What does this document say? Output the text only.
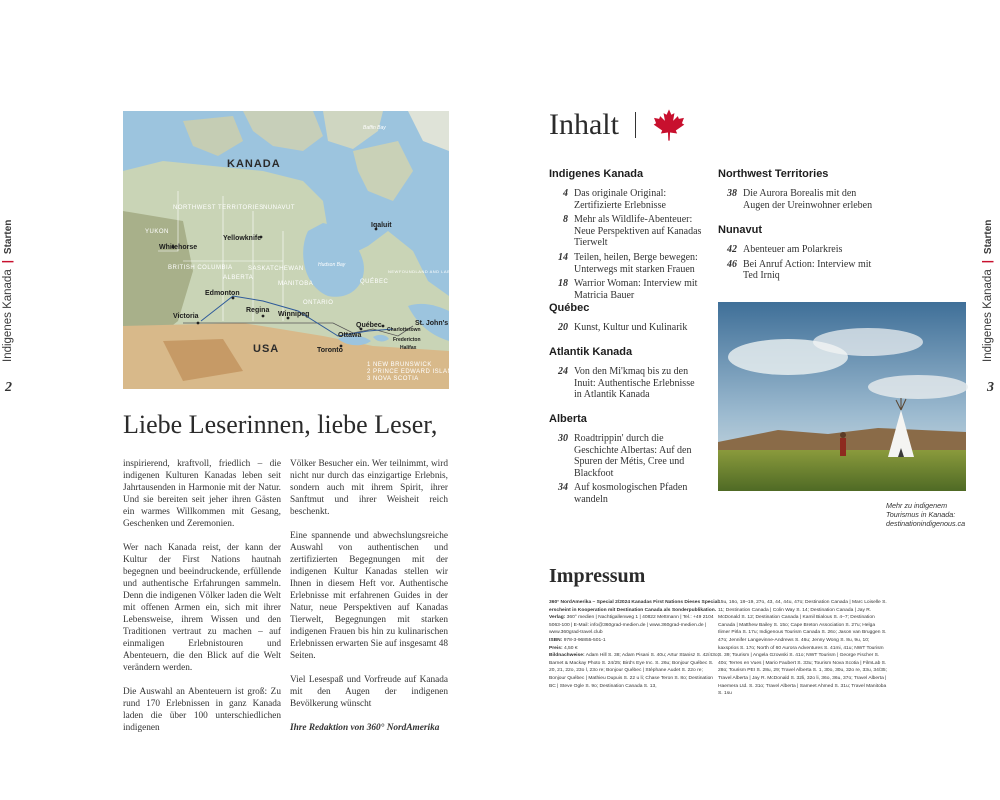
Indigenes Kanada
|
Starten
2
Indigenes Kanada
|
Starten
3
KANADA
USA
Baffin Bay
Hudson Bay
NORTHWEST TERRITORIES NUNAVUT
YUKON
BRITISH COLUMBIA
ALBERTA
SASKATCHEWAN
MANITOBA
ONTARIO
QUÉBEC
NEWFOUNDLAND AND LABRADOR
Iqaluit
Yellowknife
Whitehorse
Edmonton
Regina
Winnipeg
Victoria
Ottawa
Québec
Toronto
Charlottetown
St. John's
Fredericton
Halifax
1 NEW BRUNSWICK
2 PRINCE EDWARD ISLAND
3 NOVA SCOTIA
Liebe Leserinnen, liebe Leser,

inspirierend, kraftvoll, friedlich – die indigenen Kulturen Kanadas leben seit Jahrtausenden in Harmonie mit der Natur. Und sie bereiten seit jeher ihren Gästen ein warmes Willkommen mit Gesang, Geschenken und Zeremonien.

Wer nach Kanada reist, der kann der Kultur der First Nations hautnah begegnen und beeindruckende, erfüllende und authentische Erfahrungen sammeln. Denn die indigenen Völker laden die Welt mit offenen Armen ein, sich mit ihrer Lebensweise, ihrem Wissen und den Traditionen vertraut zu machen – auf einmaligen Erlebnistouren und Abenteuern, die den Blick auf die Welt verändern werden.

Die Auswahl an Abenteuern ist groß: Zu rund 170 Erlebnissen in ganz Kanada laden die über 100 unterschiedlichen indigenen

Völker Besucher ein. Wer teilnimmt, wird nicht nur durch das einzigartige Erlebnis, sondern auch mit ihrem Spirit, ihrer Sanftmut und ihrer Weisheit reich beschenkt.

Eine spannende und abwechslungsreiche Auswahl von authentischen und zertifizierten Begegnungen mit der indigenen Kultur Kanadas stellen wir Ihnen in diesem Heft vor. Authentische Erlebnisse mit erfahrenen Guides in der Natur, neue Perspektiven auf Kanadas Tierwelt, Begegnungen mit starken indigenen Frauen bis hin zu kulinarischen Erlebnissen erwarten Sie auf insgesamt 48 Seiten.

Viel Lesespaß und Vorfreude auf Kanada mit den Augen der indigenen Bevölkerung wünscht

Ihre Redaktion von 360° NordAmerika

Inhalt
Indigenes Kanada
4 Das originale Original: Zertifizierte Erlebnisse
8 Mehr als Wildlife-Abenteuer: Neue Perspektiven auf Kanadas Tierwelt
14 Teilen, heilen, Berge bewegen: Unterwegs mit starken Frauen
18 Warrior Woman: Interview mit Matricia Bauer
Québec
20 Kunst, Kultur und Kulinarik
Atlantik Kanada
24 Von den Mi'kmaq bis zu den Inuit: Authentische Erlebnisse in Atlantik Kanada
Alberta
30 Roadtrippin' durch die Geschichte Albertas: Auf den Spuren der Métis, Cree und Blackfoot
34 Auf kosmologischen Pfaden wandeln
Northwest Territories
38 Die Aurora Borealis mit den Augen der Ureinwohner erleben
Nunavut
42 Abenteuer am Polarkreis
46 Bei Anruf Action: Interview mit Ted Irniq
Mehr zu indigenem
Tourismus in Kanada:
destinationindigenous.ca
Impressum
360° NordAmerika – Special 2/2024 Kanadas First Nations Dieses Special erscheint in Kooperation mit Destination Canada als Sonderpublikation.
Verlag: 360° medien | Nachtigallenweg 1 | 40822 Mettmann | Tel.: +49 2104 5063-100 | E-Mail: info@360grad-medien.de | www.360grad-medien.de | www.360grad-travel.club
ISBN: 978-3-96855-501-1
Preis: 4,50 €
Bildnachweise: Adam Hill S. 38; Adam Pisani S. 40u; Artur Stanisz S. 42/43o; Barnet & Mackay Photo S. 24/25; Bird's Eye Inc. S. 26u; Bonjour Québec S. 20, 21, 22o, 23o l, 23o re; Bonjour Québec | Stéphane Audet S. 22o re; Bonjour Québec | Mathieu Dupuis S. 22 u li; Chase Teron S. 8o; Destination BC | Steve Ogle S. 9o; Destination Canada S. 13,
15u, 16o, 18–19, 27o, 43, 44, 44u, 47o; Destination Canada | Marc Loiselle S. 11; Destination Canada | Colin Way S. 14; Destination Canada | Jay R. McDonald S. 12; Destination Canada | Kamil Bialous S. 4–7; Destination Canada | Matthew Bailey S. 15o; Cape Breton Association S. 27u; Helga Ilimer Pirla S. 17u; Indigenous Tourism Canada S. 26o; Jason van Bruggen S. 47o; Jennifer Langevinne-Andrews S. 46u; Jenny Wong S. 8u, 9u, 10; kaxsprios S. 17o; North of 60 Aurora Adventures S. 41mi, 41u; NWT Tourism S. 39; Tourism | Angela Gzowski S. 41o; NWT Tourism | George Fischer S. 40o; Terres en Vues | Mario Faubert S. 33u; Tourism Nova Scotia | FilmLab S. 28o; Tourism PEI S. 28u, 29; Travel Alberta S. 1, 30o, 30u, 32o re, 33u, 34/35; Travel Alberta | Jay R. McDonald S. 32li, 32o li, 36o, 36u, 37o; Travel Alberta | Haemera Ltd. S. 31o; Travel Alberta | Sameet Ahmed S. 31u; Travel Manitoba S. 1su
